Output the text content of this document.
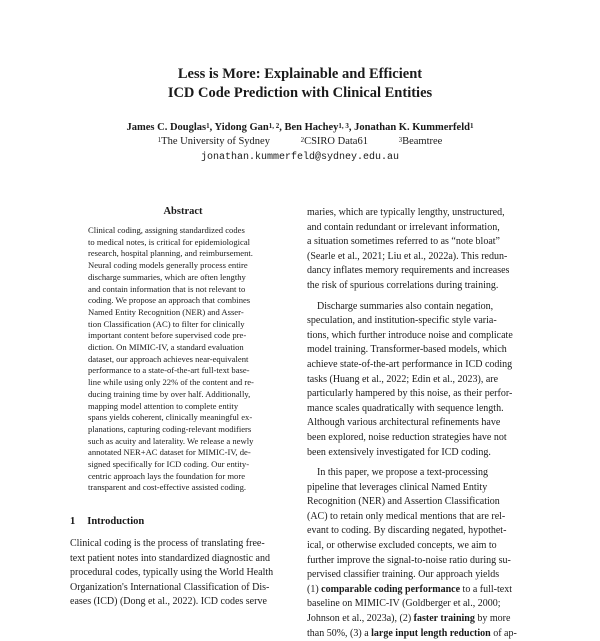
Less is More: Explainable and Efficient
ICD Code Prediction with Clinical Entities
James C. Douglas$^1$, Yidong Gan$^{1, 2}$, Ben Hachey$^{1, 3}$, Jonathan K. Kummerfeld$^1$
$^1$The University of Sydney	$^2$CSIRO Data61	$^3$Beamtree
jonathan.kummerfeld@sydney.edu.au
Abstract
Clinical coding, assigning standardized codes
to medical notes, is critical for epidemiological
research, hospital planning, and reimbursement.
Neural coding models generally process entire
discharge summaries, which are often lengthy
and contain information that is not relevant to
coding. We propose an approach that combines
Named Entity Recognition (NER) and Asser-
tion Classification (AC) to filter for clinically
important content before supervised code pre-
diction. On MIMIC-IV, a standard evaluation
dataset, our approach achieves near-equivalent
performance to a state-of-the-art full-text base-
line while using only 22% of the content and re-
ducing training time by over half. Additionally,
mapping model attention to complete entity
spans yields coherent, clinically meaningful ex-
planations, capturing coding-relevant modifiers
such as acuity and laterality. We release a newly
annotated NER+AC dataset for MIMIC-IV, de-
signed specifically for ICD coding. Our entity-
centric approach lays the foundation for more
transparent and cost-effective assisted coding.
1 Introduction
Clinical coding is the process of translating free-
text patient notes into standardized diagnostic and
procedural codes, typically using the World Health
Organization's International Classification of Dis-
eases (ICD) (Dong et al., 2022). ICD codes serve
maries, which are typically lengthy, unstructured,
and contain redundant or irrelevant information,
a situation sometimes referred to as “note bloat”
(Searle et al., 2021; Liu et al., 2022a). This redun-
dancy inflates memory requirements and increases
the risk of spurious correlations during training.
Discharge summaries also contain negation,
speculation, and institution-specific style varia-
tions, which further introduce noise and complicate
model training. Transformer-based models, which
achieve state-of-the-art performance in ICD coding
tasks (Huang et al., 2022; Edin et al., 2023), are
particularly hampered by this noise, as their perfor-
mance scales quadratically with sequence length.
Although various architectural refinements have
been explored, noise reduction strategies have not
been extensively investigated for ICD coding.
In this paper, we propose a text-processing
pipeline that leverages clinical Named Entity
Recognition (NER) and Assertion Classification
(AC) to retain only medical mentions that are rel-
evant to coding. By discarding negated, hypothet-
ical, or otherwise excluded concepts, we aim to
further improve the signal-to-noise ratio during su-
pervised classifier training. Our approach yields
(1) comparable coding performance to a full-text
baseline on MIMIC-IV (Goldberger et al., 2000;
Johnson et al., 2023a), (2) faster training by more
than 50%, (3) a large input length reduction of ap-
